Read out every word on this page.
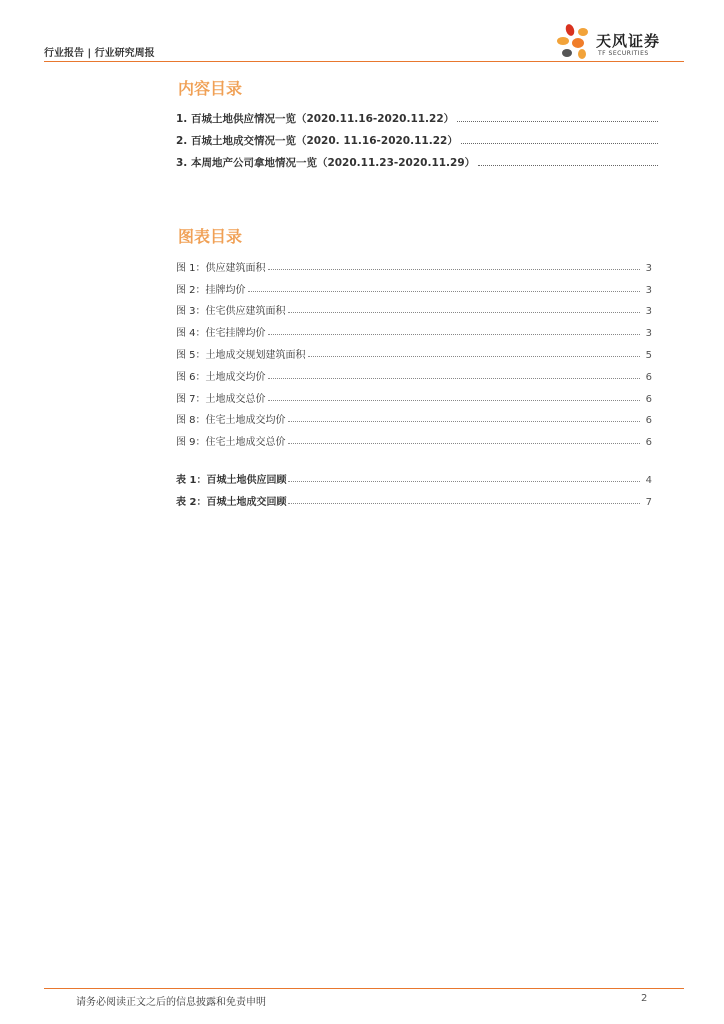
行业报告 | 行业研究周报
天风证券
TF SECURITIES
内容目录
1. 百城土地供应情况一览（2020.11.16-2020.11.22）
2. 百城土地成交情况一览（2020. 11.16-2020.11.22）
3. 本周地产公司拿地情况一览（2020.11.23-2020.11.29）
图表目录
图 1：供应建筑面积	3
图 2：挂牌均价	3
图 3：住宅供应建筑面积	3
图 4：住宅挂牌均价	3
图 5：土地成交规划建筑面积	5
图 6：土地成交均价	6
图 7：土地成交总价	6
图 8：住宅土地成交均价	6
图 9：住宅土地成交总价	6
表 1：百城土地供应回顾	4
表 2：百城土地成交回顾	7
请务必阅读正文之后的信息披露和免责申明	2
